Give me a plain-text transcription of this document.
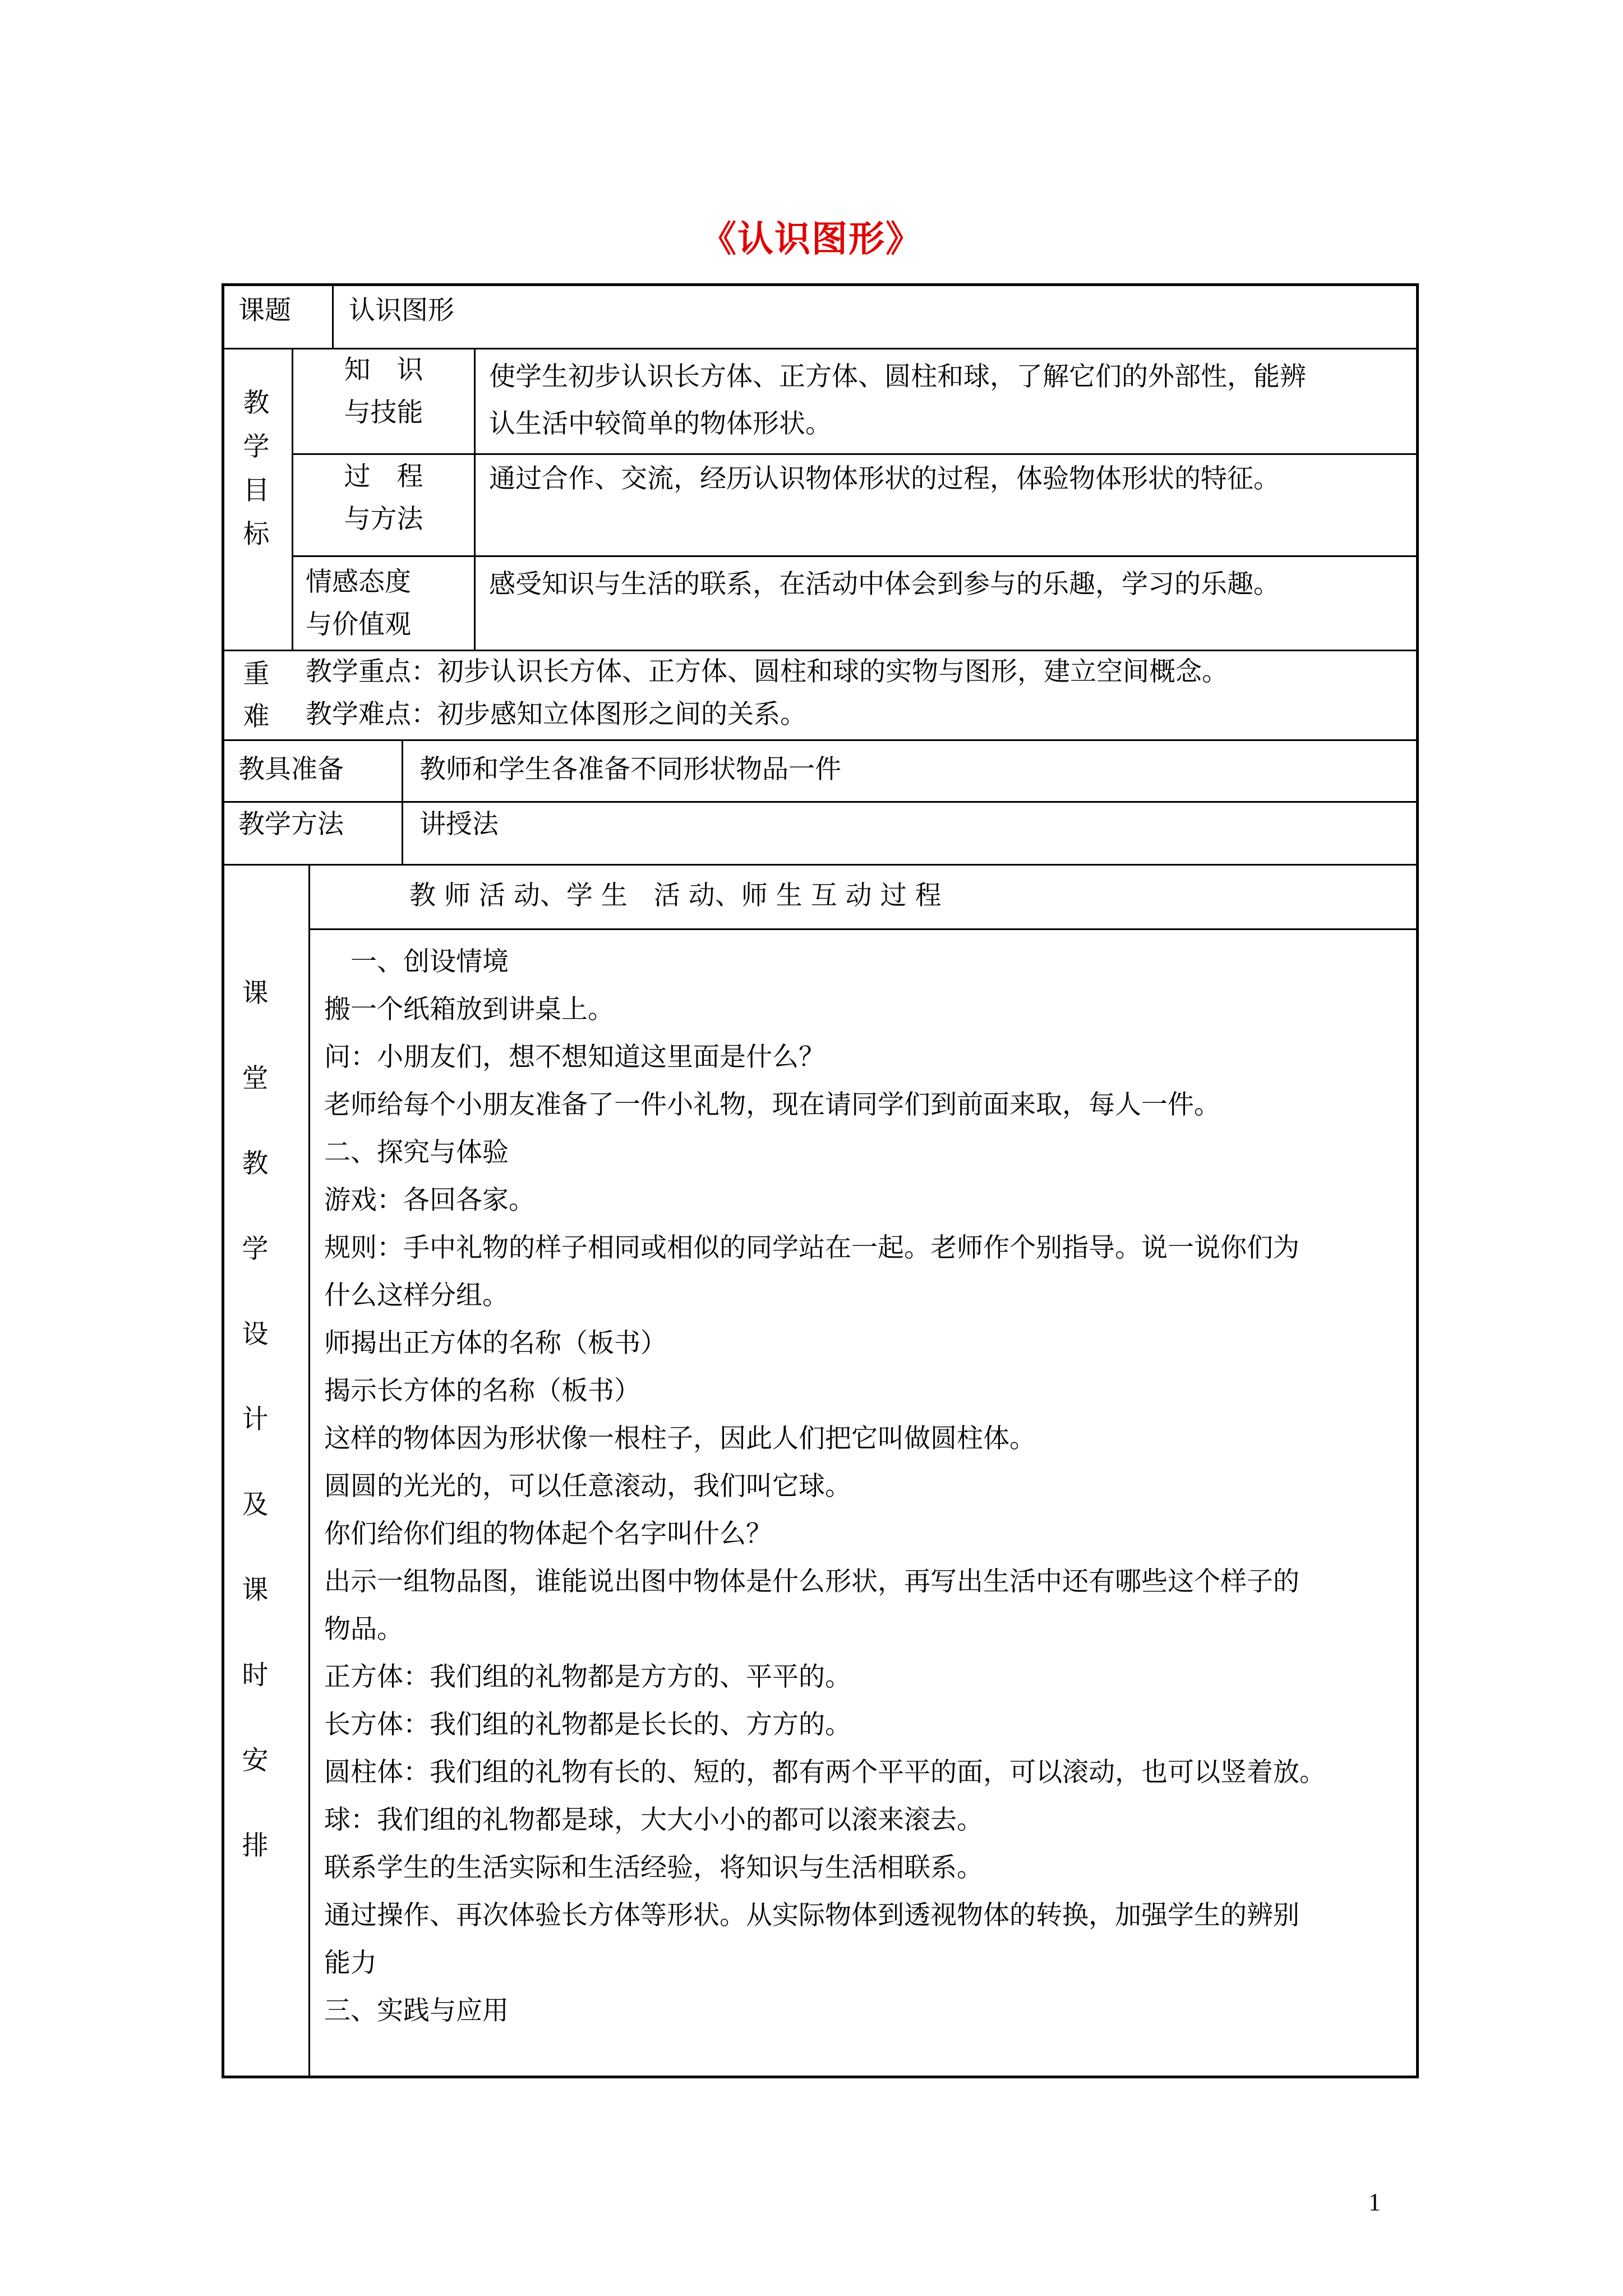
《认识图形》
课题 认识图形
教
学
目
标
知　识
与技能
使学生初步认识长方体、正方体、圆柱和球，了解它们的外部性，能辨
认生活中较简单的物体形状。
过　程
与方法
通过合作、交流，经历认识物体形状的过程，体验物体形状的特征。
情感态度
与价值观
感受知识与生活的联系，在活动中体会到参与的乐趣，学习的乐趣。
重
难
教学重点：初步认识长方体、正方体、圆柱和球的实物与图形，建立空间概念。
教学难点：初步感知立体图形之间的关系。
教具准备	教师和学生各准备不同形状物品一件
教学方法	讲授法
课
堂
教
学
设
计
及
课
时
安
排
教 师 活 动、学 生　活 动、师 生 互 动 过 程
　一、创设情境
搬一个纸箱放到讲桌上。
问：小朋友们，想不想知道这里面是什么？
老师给每个小朋友准备了一件小礼物，现在请同学们到前面来取，每人一件。
二、探究与体验
游戏：各回各家。
规则：手中礼物的样子相同或相似的同学站在一起。老师作个别指导。说一说你们为
什么这样分组。
师揭出正方体的名称（板书）
揭示长方体的名称（板书）
这样的物体因为形状像一根柱子，因此人们把它叫做圆柱体。
圆圆的光光的，可以任意滚动，我们叫它球。
你们给你们组的物体起个名字叫什么？
出示一组物品图，谁能说出图中物体是什么形状，再写出生活中还有哪些这个样子的
物品。
正方体：我们组的礼物都是方方的、平平的。
长方体：我们组的礼物都是长长的、方方的。
圆柱体：我们组的礼物有长的、短的，都有两个平平的面，可以滚动，也可以竖着放。
球：我们组的礼物都是球，大大小小的都可以滚来滚去。
联系学生的生活实际和生活经验，将知识与生活相联系。
通过操作、再次体验长方体等形状。从实际物体到透视物体的转换，加强学生的辨别
能力
三、实践与应用
1
